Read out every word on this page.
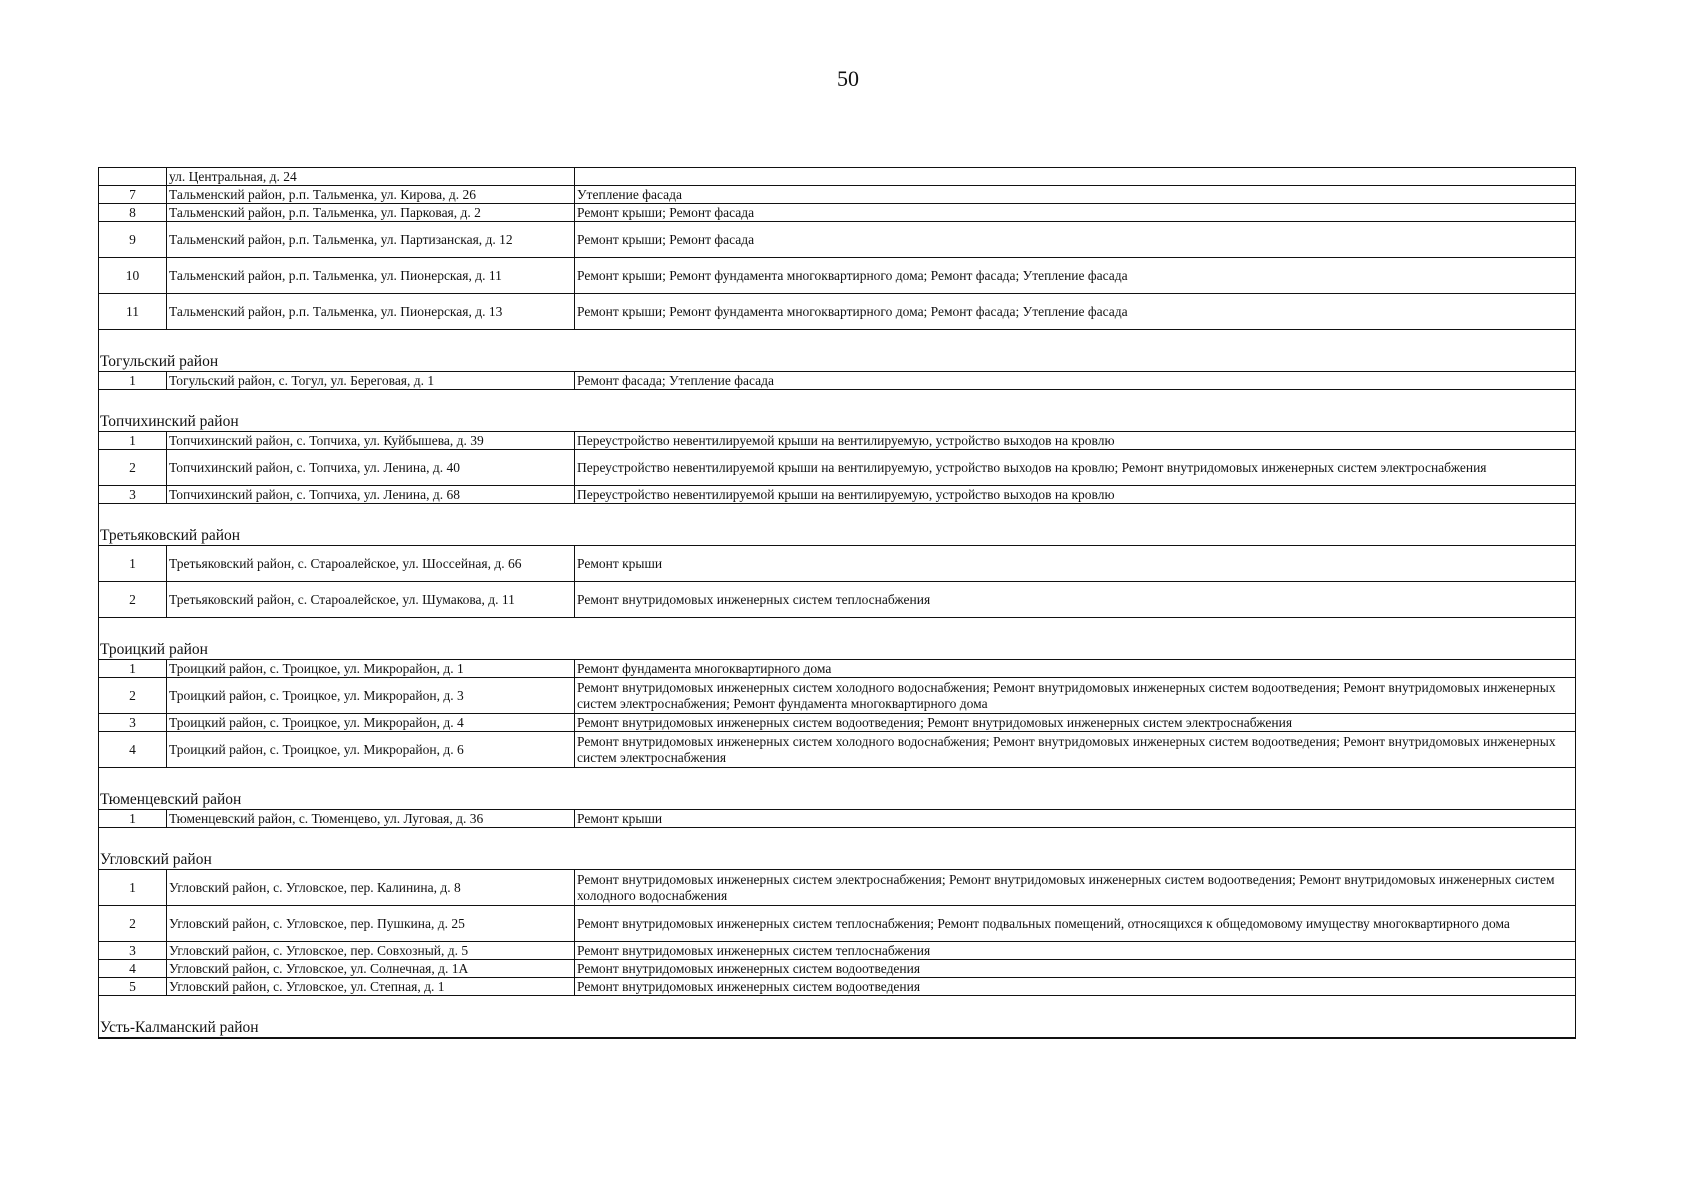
50
	ул. Центральная, д. 24	
7	Тальменский район, р.п. Тальменка, ул. Кирова, д. 26	Утепление фасада
8	Тальменский район, р.п. Тальменка, ул. Парковая, д. 2	Ремонт крыши; Ремонт фасада
9	Тальменский район, р.п. Тальменка, ул. Партизанская, д. 12	Ремонт крыши; Ремонт фасада
10	Тальменский район, р.п. Тальменка, ул. Пионерская, д. 11	Ремонт крыши; Ремонт фундамента многоквартирного дома; Ремонт фасада; Утепление фасада
11	Тальменский район, р.п. Тальменка, ул. Пионерская, д. 13	Ремонт крыши; Ремонт фундамента многоквартирного дома; Ремонт фасада; Утепление фасада
Тогульский район		
1	Тогульский район, с. Тогул, ул. Береговая, д. 1	Ремонт фасада; Утепление фасада
Топчихинский район		
1	Топчихинский район, с. Топчиха, ул. Куйбышева, д. 39	Переустройство невентилируемой крыши на вентилируемую, устройство выходов на кровлю
2	Топчихинский район, с. Топчиха, ул. Ленина, д. 40	Переустройство невентилируемой крыши на вентилируемую, устройство выходов на кровлю; Ремонт внутридомовых инженерных систем электроснабжения
3	Топчихинский район, с. Топчиха, ул. Ленина, д. 68	Переустройство невентилируемой крыши на вентилируемую, устройство выходов на кровлю
Третьяковский район		
1	Третьяковский район, с. Староалейское, ул. Шоссейная, д. 66	Ремонт крыши
2	Третьяковский район, с. Староалейское, ул. Шумакова, д. 11	Ремонт внутридомовых инженерных систем теплоснабжения
Троицкий район		
1	Троицкий район, с. Троицкое, ул. Микрорайон, д. 1	Ремонт фундамента многоквартирного дома
2	Троицкий район, с. Троицкое, ул. Микрорайон, д. 3	Ремонт внутридомовых инженерных систем холодного водоснабжения; Ремонт внутридомовых инженерных систем водоотведения; Ремонт внутридомовых инженерных систем электроснабжения; Ремонт фундамента многоквартирного дома
3	Троицкий район, с. Троицкое, ул. Микрорайон, д. 4	Ремонт внутридомовых инженерных систем водоотведения; Ремонт внутридомовых инженерных систем электроснабжения
4	Троицкий район, с. Троицкое, ул. Микрорайон, д. 6	Ремонт внутридомовых инженерных систем холодного водоснабжения; Ремонт внутридомовых инженерных систем водоотведения; Ремонт внутридомовых инженерных систем электроснабжения
Тюменцевский район		
1	Тюменцевский район, с. Тюменцево, ул. Луговая, д. 36	Ремонт крыши
Угловский район		
1	Угловский район, с. Угловское, пер. Калинина, д. 8	Ремонт внутридомовых инженерных систем электроснабжения; Ремонт внутридомовых инженерных систем водоотведения; Ремонт внутридомовых инженерных систем холодного водоснабжения
2	Угловский район, с. Угловское, пер. Пушкина, д. 25	Ремонт внутридомовых инженерных систем теплоснабжения; Ремонт подвальных помещений, относящихся к общедомовому имуществу многоквартирного дома
3	Угловский район, с. Угловское, пер. Совхозный, д. 5	Ремонт внутридомовых инженерных систем теплоснабжения
4	Угловский район, с. Угловское, ул. Солнечная, д. 1А	Ремонт внутридомовых инженерных систем водоотведения
5	Угловский район, с. Угловское, ул. Степная, д. 1	Ремонт внутридомовых инженерных систем водоотведения
Усть-Калманский район		
